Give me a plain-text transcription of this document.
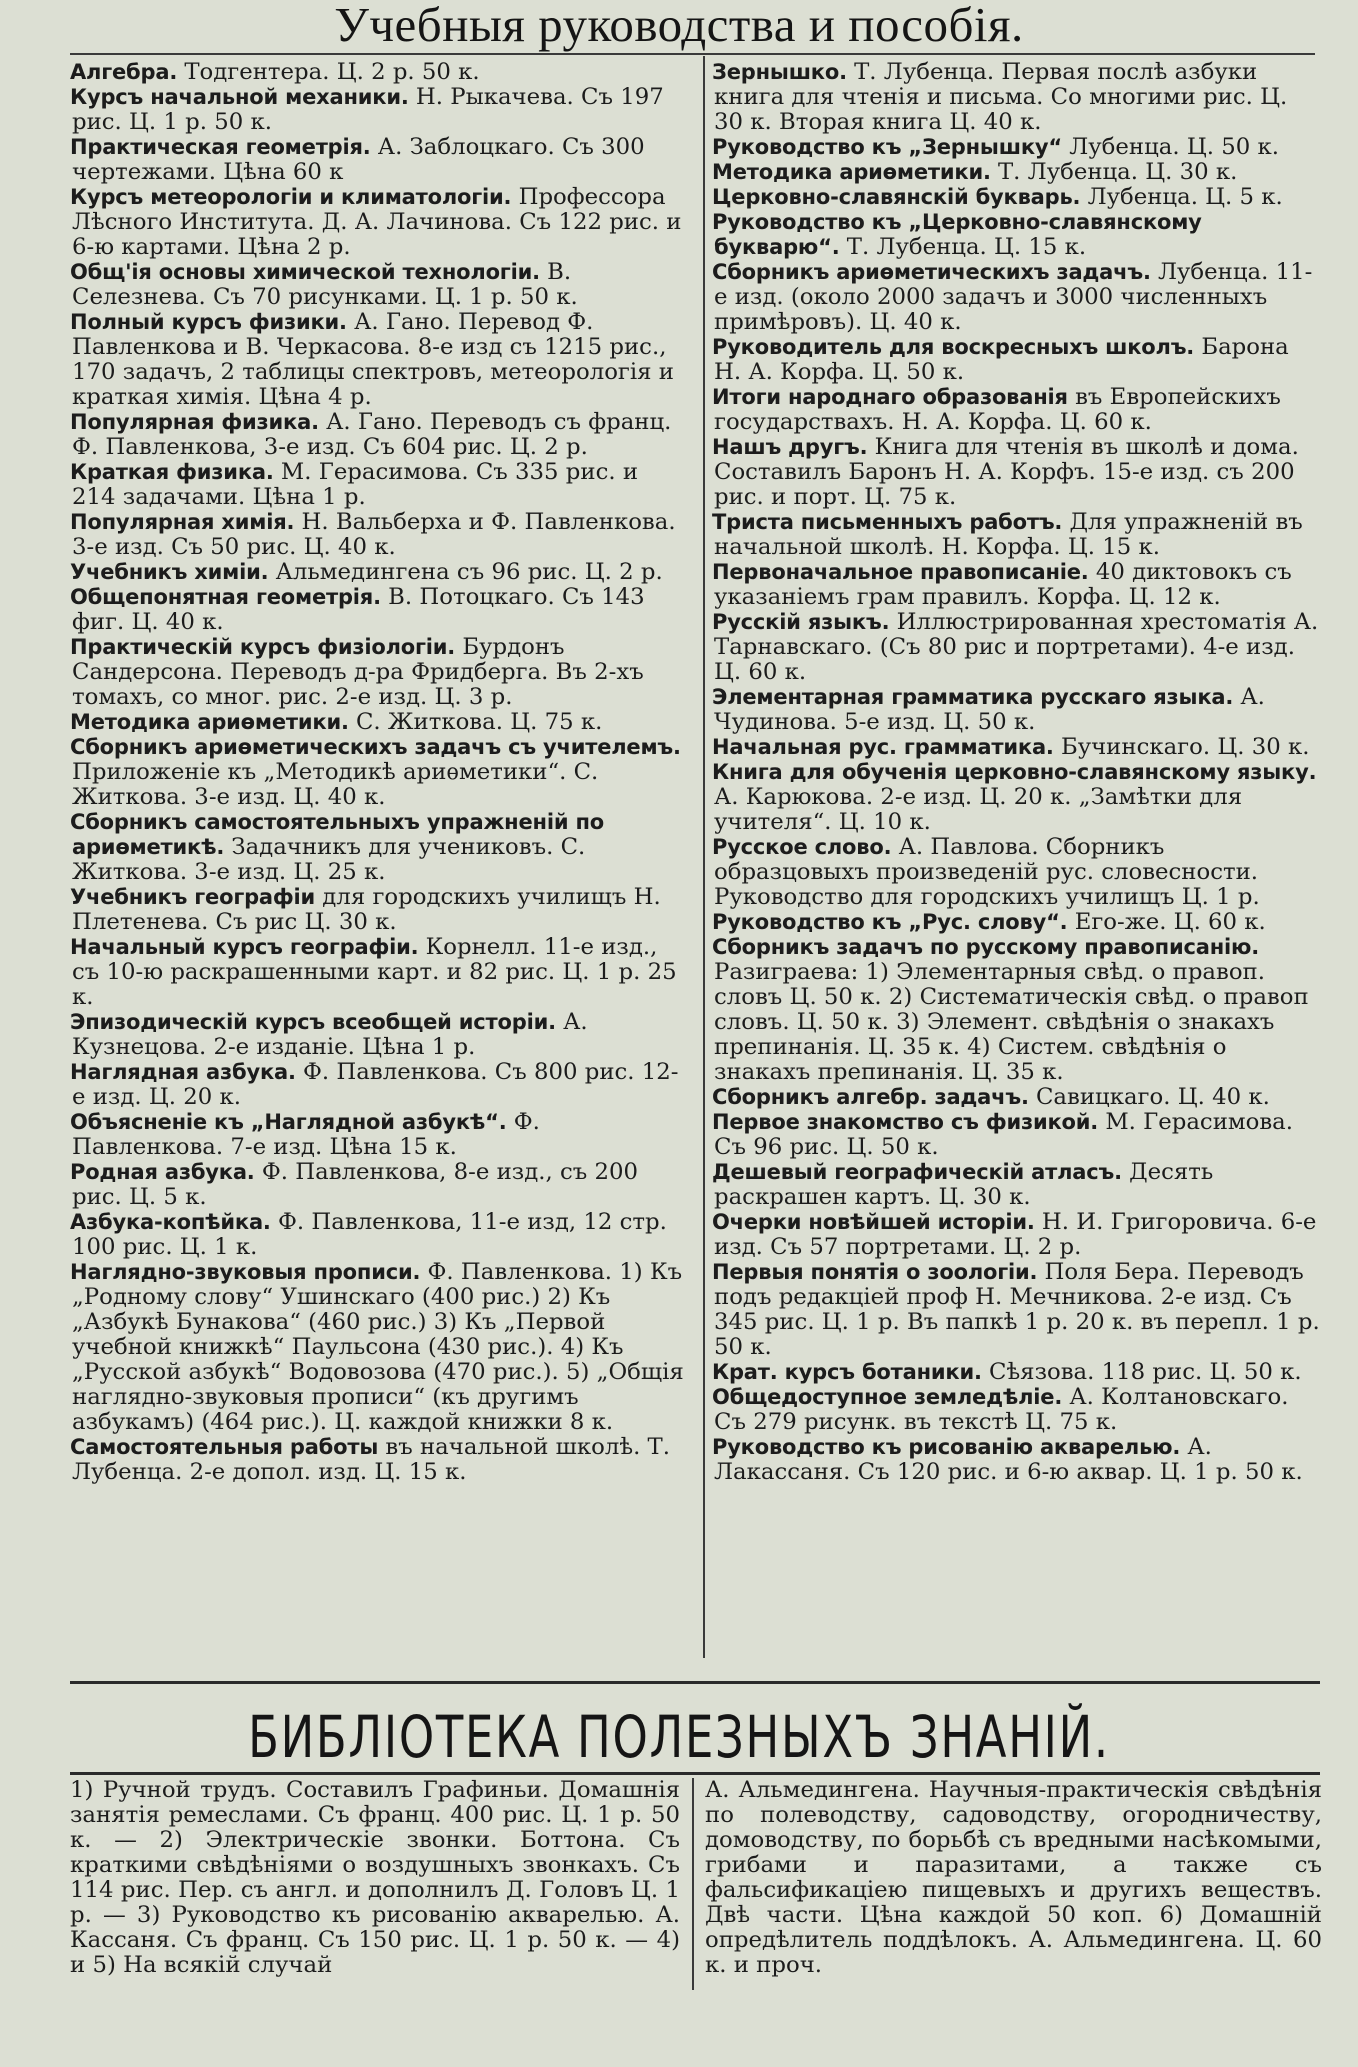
Учебныя руководства и пособія.

Алгебра. Тодгентера. Ц. 2 р. 50 к.

Курсъ начальной механики. Н. Рыкачева. Съ 197 рис. Ц. 1 р. 50 к.

Практическая геометрія. А. Заблоцкаго. Съ 300 чертежами. Цѣна 60 к

Курсъ метеорологіи и климатологіи. Профессора Лѣсного Института. Д. А. Лачинова. Съ 122 рис. и 6-ю картами. Цѣна 2 р.

Общ'ія основы химической технологіи. В. Селезнева. Съ 70 рисунками. Ц. 1 р. 50 к.

Полный курсъ физики. А. Гано. Перевод Ф. Павленкова и В. Черкасова. 8-е изд съ 1215 рис., 170 задачъ, 2 таблицы спектровъ, метеорологія и краткая химія. Цѣна 4 р.

Популярная физика. А. Гано. Переводъ съ франц. Ф. Павленкова, 3-е изд. Съ 604 рис. Ц. 2 р.

Краткая физика. М. Герасимова. Съ 335 рис. и 214 задачами. Цѣна 1 р.

Популярная химія. Н. Вальберха и Ф. Павленкова. 3-е изд. Съ 50 рис. Ц. 40 к.

Учебникъ химіи. Альмедингена съ 96 рис. Ц. 2 р.

Общепонятная геометрія. В. Потоцкаго. Съ 143 фиг. Ц. 40 к.

Практическій курсъ физіологіи. Бурдонъ Сандерсона. Переводъ д-ра Фридберга. Въ 2-хъ томахъ, со мног. рис. 2-е изд. Ц. 3 р.

Методика ариѳметики. С. Житкова. Ц. 75 к.

Сборникъ ариѳметическихъ задачъ съ учителемъ. Приложеніе къ „Методикѣ ариѳметики“. С. Житкова. 3-е изд. Ц. 40 к.

Сборникъ самостоятельныхъ упражненій по ариѳметикѣ. Задачникъ для учениковъ. С. Житкова. 3-е изд. Ц. 25 к.

Учебникъ географіи для городскихъ училищъ Н. Плетенева. Съ рис Ц. 30 к.

Начальный курсъ географіи. Корнелл. 11-е изд., съ 10-ю раскрашенными карт. и 82 рис. Ц. 1 р. 25 к.

Эпизодическій курсъ всеобщей исторіи. А. Кузнецова. 2-е изданіе. Цѣна 1 р.

Наглядная азбука. Ф. Павленкова. Съ 800 рис. 12-е изд. Ц. 20 к.

Объясненіе къ „Наглядной азбукѣ“. Ф. Павленкова. 7-е изд. Цѣна 15 к.

Родная азбука. Ф. Павленкова, 8-е изд., съ 200 рис. Ц. 5 к.

Азбука-копѣйка. Ф. Павленкова, 11-е изд, 12 стр. 100 рис. Ц. 1 к.

Наглядно-звуковыя прописи. Ф. Павленкова. 1) Къ „Родному слову“ Ушинскаго (400 рис.) 2) Къ „Азбукѣ Бунакова“ (460 рис.) 3) Къ „Первой учебной книжкѣ“ Паульсона (430 рис.). 4) Къ „Русской азбукѣ“ Водовозова (470 рис.). 5) „Общія наглядно-звуковыя прописи“ (къ другимъ азбукамъ) (464 рис.). Ц. каждой книжки 8 к.

Самостоятельныя работы въ начальной школѣ. Т. Лубенца. 2-е допол. изд. Ц. 15 к.

Зернышко. Т. Лубенца. Первая послѣ азбуки книга для чтенія и письма. Со многими рис. Ц. 30 к. Вторая книга Ц. 40 к.

Руководство къ „Зернышку“ Лубенца. Ц. 50 к.

Методика ариѳметики. Т. Лубенца. Ц. 30 к.

Церковно-славянскій букварь. Лубенца. Ц. 5 к.

Руководство къ „Церковно-славянскому букварю“. Т. Лубенца. Ц. 15 к.

Сборникъ ариѳметическихъ задачъ. Лубенца. 11-е изд. (около 2000 задачъ и 3000 численныхъ примѣровъ). Ц. 40 к.

Руководитель для воскресныхъ школъ. Барона Н. А. Корфа. Ц. 50 к.

Итоги народнаго образованія въ Европейскихъ государствахъ. Н. А. Корфа. Ц. 60 к.

Нашъ другъ. Книга для чтенія въ школѣ и дома. Составилъ Баронъ Н. А. Корфъ. 15-е изд. съ 200 рис. и порт. Ц. 75 к.

Триста письменныхъ работъ. Для упражненій въ начальной школѣ. Н. Корфа. Ц. 15 к.

Первоначальное правописаніе. 40 диктовокъ съ указаніемъ грам правилъ. Корфа. Ц. 12 к.

Русскій языкъ. Иллюстрированная хрестоматія А. Тарнавскаго. (Съ 80 рис и портретами). 4-е изд. Ц. 60 к.

Элементарная грамматика русскаго языка. А. Чудинова. 5-е изд. Ц. 50 к.

Начальная рус. грамматика. Бучинскаго. Ц. 30 к.

Книга для обученія церковно-славянскому языку. А. Карюкова. 2-е изд. Ц. 20 к. „Замѣтки для учителя“. Ц. 10 к.

Русское слово. А. Павлова. Сборникъ образцовыхъ произведеній рус. словесности. Руководство для городскихъ училищъ Ц. 1 р.

Руководство къ „Рус. слову“. Его-же. Ц. 60 к.

Сборникъ задачъ по русскому правописанію. Разиграева: 1) Элементарныя свѣд. о правоп. словъ Ц. 50 к. 2) Систематическія свѣд. о правоп словъ. Ц. 50 к. 3) Элемент. свѣдѣнія о знакахъ препинанія. Ц. 35 к. 4) Систем. свѣдѣнія о знакахъ препинанія. Ц. 35 к.

Сборникъ алгебр. задачъ. Савицкаго. Ц. 40 к.

Первое знакомство съ физикой. М. Герасимова. Съ 96 рис. Ц. 50 к.

Дешевый географическій атласъ. Десять раскрашен картъ. Ц. 30 к.

Очерки новѣйшей исторіи. Н. И. Григоровича. 6-е изд. Съ 57 портретами. Ц. 2 р.

Первыя понятія о зоологіи. Поля Бера. Переводъ подъ редакціей проф Н. Мечникова. 2-е изд. Съ 345 рис. Ц. 1 р. Въ папкѣ 1 р. 20 к. въ перепл. 1 р. 50 к.

Крат. курсъ ботаники. Сѣязова. 118 рис. Ц. 50 к.

Общедоступное земледѣліе. А. Колтановскаго. Съ 279 рисунк. въ текстѣ Ц. 75 к.

Руководство къ рисованію акварелью. А. Лакассаня. Съ 120 рис. и 6-ю аквар. Ц. 1 р. 50 к.

БИБЛІОТЕКА ПОЛЕЗНЫХЪ ЗНАНІЙ.
1) Ручной трудъ. Составилъ Графиньи. Домашнія занятія ремеслами. Съ франц. 400 рис. Ц. 1 р. 50 к. — 2) Электрическіе звонки. Боттона. Съ краткими свѣдѣніями о воздушныхъ звонкахъ. Съ 114 рис. Пер. съ англ. и дополнилъ Д. Головъ Ц. 1 р. — 3) Руководство къ рисованію акварелью. А. Кассаня. Съ франц. Съ 150 рис. Ц. 1 р. 50 к. — 4) и 5) На всякій случай
А. Альмедингена. Научныя-практическія свѣдѣнія по полеводству, садоводству, огородничеству, домоводству, по борьбѣ съ вредными насѣкомыми, грибами и паразитами, а также съ фальсификаціею пищевыхъ и другихъ веществъ. Двѣ части. Цѣна каждой 50 коп. 6) Домашній опредѣлитель поддѣлокъ. А. Альмедингена. Ц. 60 к. и проч.
